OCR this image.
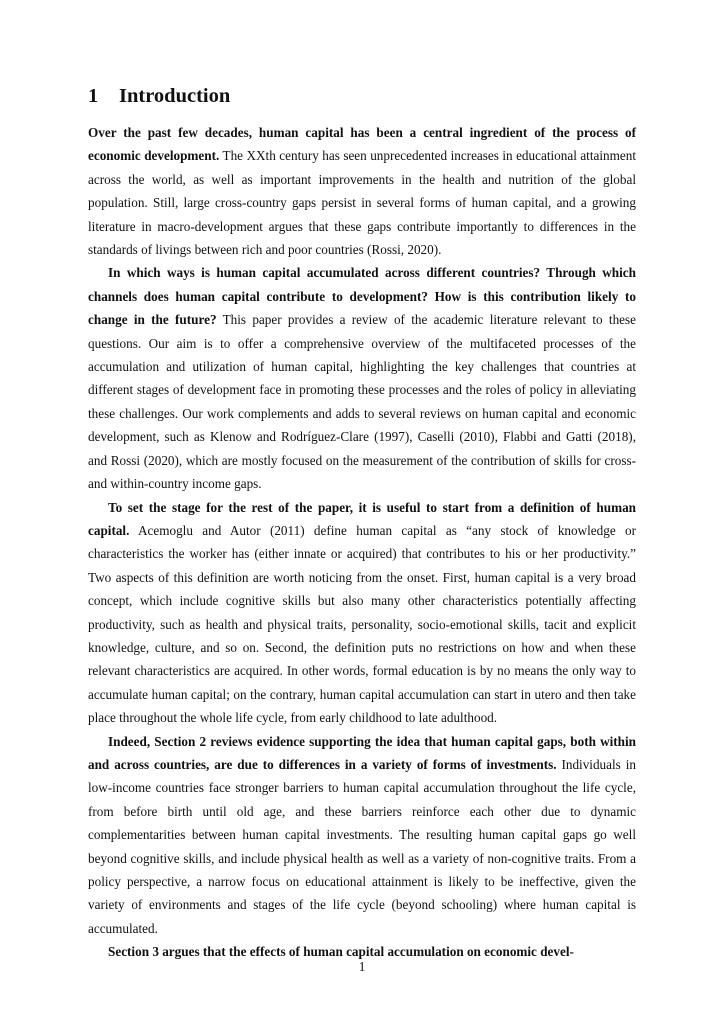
1 Introduction

Over the past few decades, human capital has been a central ingredient of the process of economic development. The XXth century has seen unprecedented increases in educational attainment across the world, as well as important improvements in the health and nutrition of the global population. Still, large cross-country gaps persist in several forms of human capital, and a growing literature in macro-development argues that these gaps contribute importantly to differences in the standards of livings between rich and poor countries (Rossi, 2020).

In which ways is human capital accumulated across different countries? Through which channels does human capital contribute to development? How is this contribution likely to change in the future? This paper provides a review of the academic literature relevant to these questions. Our aim is to offer a comprehensive overview of the multifaceted processes of the accumulation and utilization of human capital, highlighting the key challenges that countries at different stages of development face in promoting these processes and the roles of policy in alleviating these challenges. Our work complements and adds to several reviews on human capital and economic development, such as Klenow and Rodríguez-Clare (1997), Caselli (2010), Flabbi and Gatti (2018), and Rossi (2020), which are mostly focused on the measurement of the contribution of skills for cross- and within-country income gaps.

To set the stage for the rest of the paper, it is useful to start from a definition of human capital. Acemoglu and Autor (2011) define human capital as “any stock of knowledge or characteristics the worker has (either innate or acquired) that contributes to his or her productivity.” Two aspects of this definition are worth noticing from the onset. First, human capital is a very broad concept, which include cognitive skills but also many other characteristics potentially affecting productivity, such as health and physical traits, personality, socio-emotional skills, tacit and explicit knowledge, culture, and so on. Second, the definition puts no restrictions on how and when these relevant characteristics are acquired. In other words, formal education is by no means the only way to accumulate human capital; on the contrary, human capital accumulation can start in utero and then take place throughout the whole life cycle, from early childhood to late adulthood.

Indeed, Section 2 reviews evidence supporting the idea that human capital gaps, both within and across countries, are due to differences in a variety of forms of investments. Individuals in low-income countries face stronger barriers to human capital accumulation throughout the life cycle, from before birth until old age, and these barriers reinforce each other due to dynamic complementarities between human capital investments. The resulting human capital gaps go well beyond cognitive skills, and include physical health as well as a variety of non-cognitive traits. From a policy perspective, a narrow focus on educational attainment is likely to be ineffective, given the variety of environments and stages of the life cycle (beyond schooling) where human capital is accumulated.

Section 3 argues that the effects of human capital accumulation on economic devel-

1
